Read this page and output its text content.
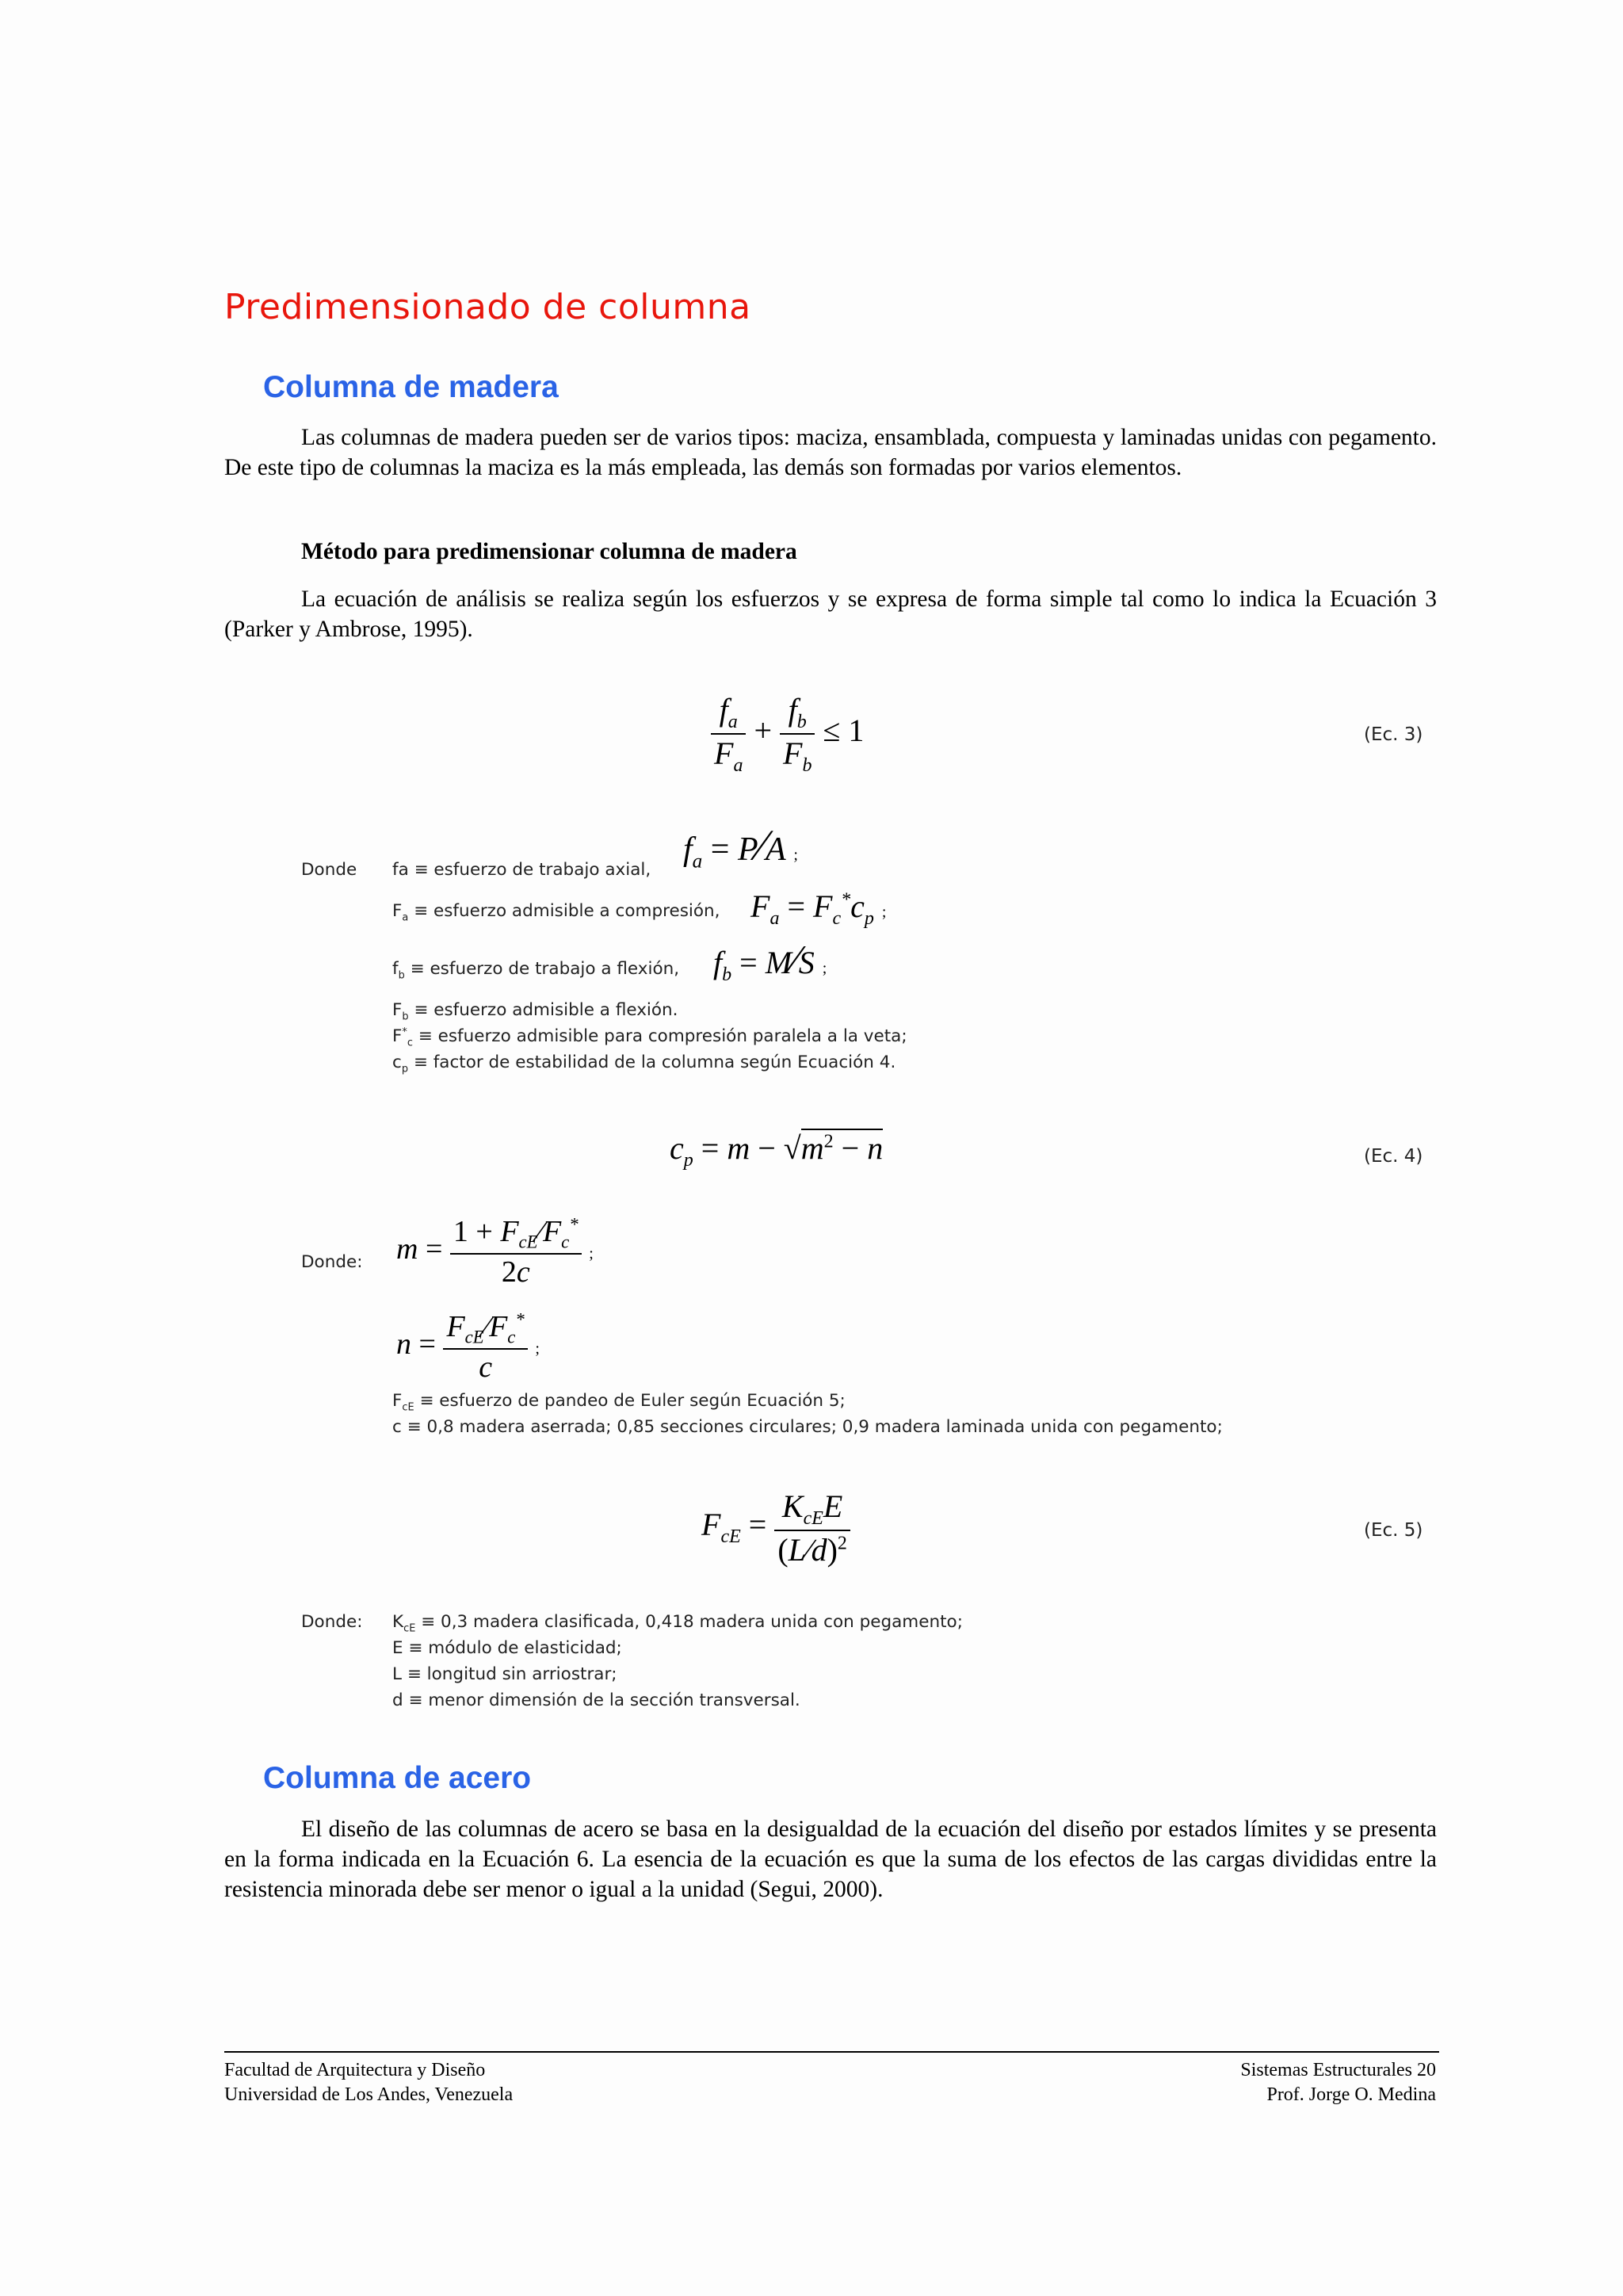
Predimensionado de columna
Columna de madera
Las columnas de madera pueden ser de varios tipos: maciza, ensamblada, compuesta y laminadas unidas con pegamento. De este tipo de columnas la maciza es la más empleada, las demás son formadas por varios elementos.
Método para predimensionar columna de madera
La ecuación de análisis se realiza según los esfuerzos y se expresa de forma simple tal como lo indica la Ecuación 3 (Parker y Ambrose, 1995).
$\frac{f_a}{F_a} + \frac{f_b}{F_b} \le 1$	(Ec. 3)
Donde fa ≡ esfuerzo de trabajo axial,
$f_a$ = P∕A ;
$F_a$ ≡ esfuerzo admisible a compresión, $F_a = F_c^*c_p$ ;
$f_b$ ≡ esfuerzo de trabajo a flexión, $f_b$ = M∕S ;
$F_b$ ≡ esfuerzo admisible a flexión.
$F^*_c$ ≡ esfuerzo admisible para compresión paralela a la veta;
$c_p$ ≡ factor de estabilidad de la columna según Ecuación 4.
$c_p = m - √m^2 - n$	(Ec. 4)
Donde: $m = \frac{1 + F_{cE}∕F_c^*}{2c}$ ;
$n = \frac{F_{cE}∕F_c^*}{c}$ ;
$F_{cE}$ ≡ esfuerzo de pandeo de Euler según Ecuación 5;
c ≡ 0,8 madera aserrada; 0,85 secciones circulares; 0,9 madera laminada unida con pegamento;
$F_{cE} = \frac{K_{cE}E}{(L∕d)^2}$	(Ec. 5)
Donde: $K_{cE} \equiv 0,3$ madera clasificada, 0,418 madera unida con pegamento;
E ≡ módulo de elasticidad;
L ≡ longitud sin arriostrar;
d ≡ menor dimensión de la sección transversal.
Columna de acero
El diseño de las columnas de acero se basa en la desigualdad de la ecuación del diseño por estados límites y se presenta en la forma indicada en la Ecuación 6. La esencia de la ecuación es que la suma de los efectos de las cargas divididas entre la resistencia minorada debe ser menor o igual a la unidad (Segui, 2000).
Facultad de Arquitectura y Diseño
Universidad de Los Andes, Venezuela
Sistemas Estructurales 20
Prof. Jorge O. Medina
